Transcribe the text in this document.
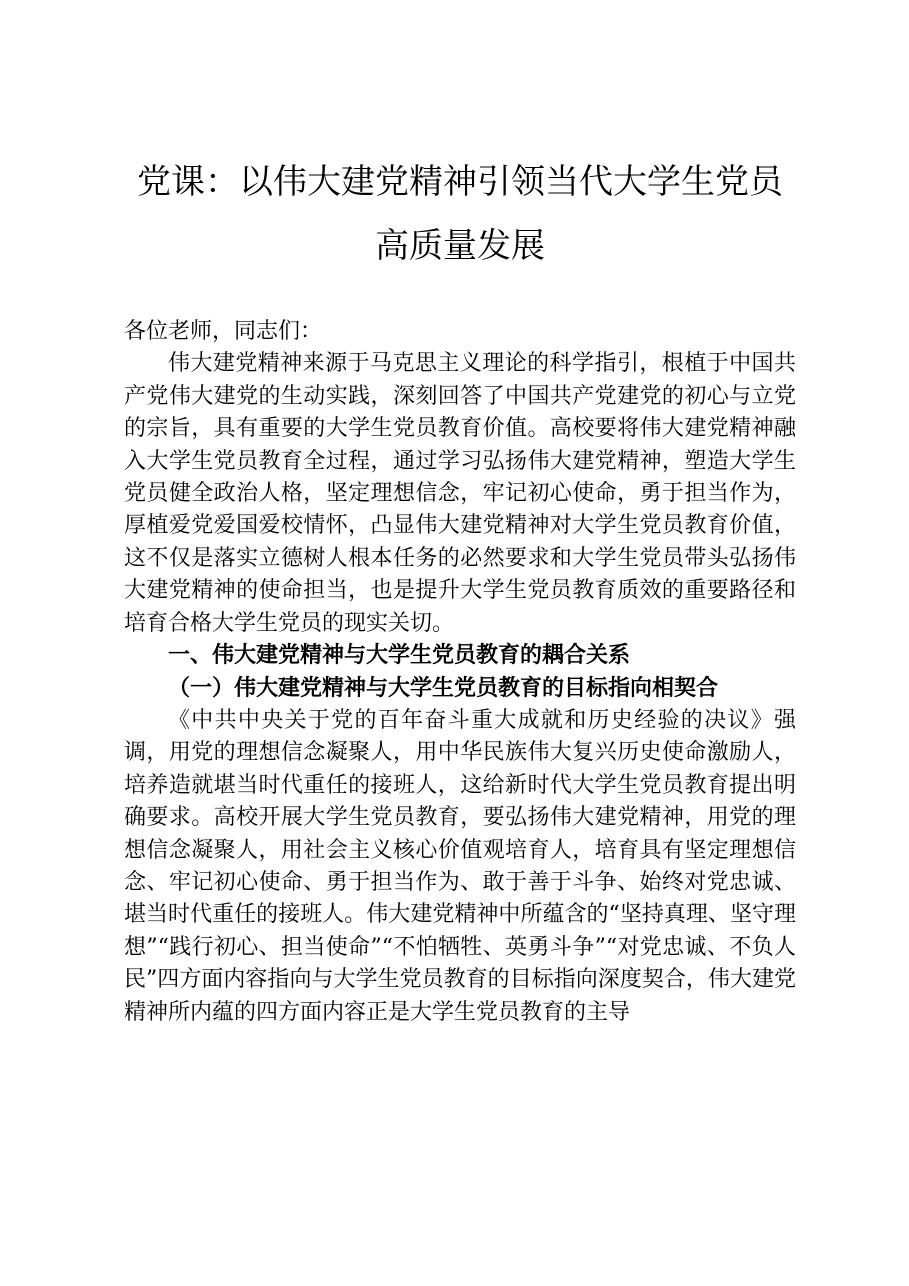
党课：以伟大建党精神引领当代大学生党员高质量发展

各位老师，同志们：

伟大建党精神来源于马克思主义理论的科学指引，根植于中国共产党伟大建党的生动实践，深刻回答了中国共产党建党的初心与立党的宗旨，具有重要的大学生党员教育价值。高校要将伟大建党精神融入大学生党员教育全过程，通过学习弘扬伟大建党精神，塑造大学生党员健全政治人格，坚定理想信念，牢记初心使命，勇于担当作为，厚植爱党爱国爱校情怀，凸显伟大建党精神对大学生党员教育价值，这不仅是落实立德树人根本任务的必然要求和大学生党员带头弘扬伟大建党精神的使命担当，也是提升大学生党员教育质效的重要路径和培育合格大学生党员的现实关切。

一、伟大建党精神与大学生党员教育的耦合关系

（一）伟大建党精神与大学生党员教育的目标指向相契合

《中共中央关于党的百年奋斗重大成就和历史经验的决议》强调，用党的理想信念凝聚人，用中华民族伟大复兴历史使命激励人，培养造就堪当时代重任的接班人，这给新时代大学生党员教育提出明确要求。高校开展大学生党员教育，要弘扬伟大建党精神，用党的理想信念凝聚人，用社会主义核心价值观培育人，培育具有坚定理想信念、牢记初心使命、勇于担当作为、敢于善于斗争、始终对党忠诚、堪当时代重任的接班人。伟大建党精神中所蕴含的“坚持真理、坚守理想”“践行初心、担当使命”“不怕牺牲、英勇斗争”“对党忠诚、不负人民”四方面内容指向与大学生党员教育的目标指向深度契合，伟大建党精神所内蕴的四方面内容正是大学生党员教育的主导
